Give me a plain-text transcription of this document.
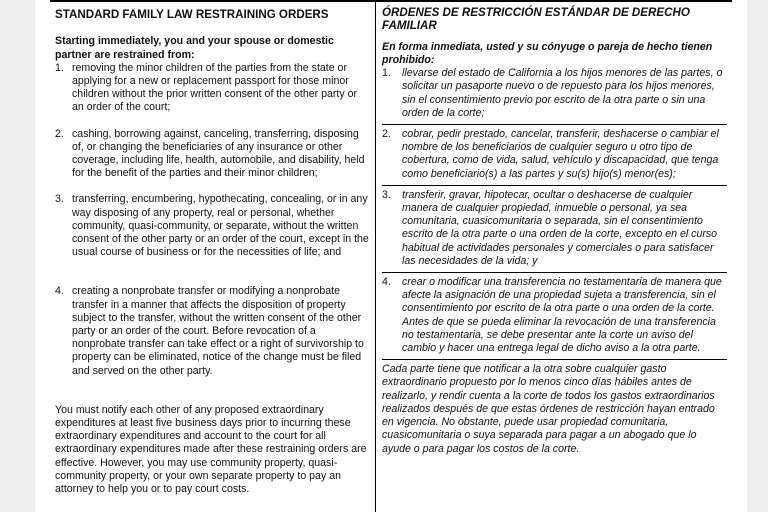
STANDARD FAMILY LAW RESTRAINING ORDERS
Starting immediately, you and your spouse or domestic partner are restrained from:
1. removing the minor children of the parties from the state or applying for a new or replacement passport for those minor children without the prior written consent of the other party or an order of the court;
2. cashing, borrowing against, canceling, transferring, disposing of, or changing the beneficiaries of any insurance or other coverage, including life, health, automobile, and disability, held for the benefit of the parties and their minor children;
3. transferring, encumbering, hypothecating, concealing, or in any way disposing of any property, real or personal, whether community, quasi-community, or separate, without the written consent of the other party or an order of the court, except in the usual course of business or for the necessities of life; and
4. creating a nonprobate transfer or modifying a nonprobate transfer in a manner that affects the disposition of property subject to the transfer, without the written consent of the other party or an order of the court. Before revocation of a nonprobate transfer can take effect or a right of survivorship to property can be eliminated, notice of the change must be filed and served on the other party.

You must notify each other of any proposed extraordinary expenditures at least five business days prior to incurring these extraordinary expenditures and account to the court for all extraordinary expenditures made after these restraining orders are effective. However, you may use community property, quasi-community property, or your own separate property to pay an attorney to help you or to pay court costs.

ÓRDENES DE RESTRICCIÓN ESTÁNDAR DE DERECHO FAMILIAR
En forma inmediata, usted y su cónyuge o pareja de hecho tienen prohibido:
1.	llevarse del estado de California a los hijos menores de las partes, o solicitar un pasaporte nuevo o de repuesto para los hijos menores, sin el consentimiento previo por escrito de la otra parte o sin una orden de la corte;
2.	cobrar, pedir prestado, cancelar, transferir, deshacerse o cambiar el nombre de los beneficiarios de cualquier seguro u otro tipo de cobertura, como de vida, salud, vehículo y discapacidad, que tenga como beneficiario(s) a las partes y su(s) hijo(s) menor(es);
3.	transferir, gravar, hipotecar, ocultar o deshacerse de cualquier manera de cualquier propiedad, inmueble o personal, ya sea comunitaria, cuasicomunitaria o separada, sin el consentimiento escrito de la otra parte o una orden de la corte, excepto en el curso habitual de actividades personales y comerciales o para satisfacer las necesidades de la vida; y
4.	crear o modificar una transferencia no testamentaria de manera que afecte la asignación de una propiedad sujeta a transferencia, sin el consentimiento por escrito de la otra parte o una orden de la corte. Antes de que se pueda eliminar la revocación de una transferencia no testamentaria, se debe presentar ante la corte un aviso del cambio y hacer una entrega legal de dicho aviso a la otra parte.

Cada parte tiene que notificar a la otra sobre cualquier gasto extraordinario propuesto por lo menos cinco días hábiles antes de realizarlo, y rendir cuenta a la corte de todos los gastos extraordinarios realizados después de que estas órdenes de restricción hayan entrado en vigencia. No obstante, puede usar propiedad comunitaria, cuasicomunitaria o suya separada para pagar a un abogado que lo ayude o para pagar los costos de la corte.
